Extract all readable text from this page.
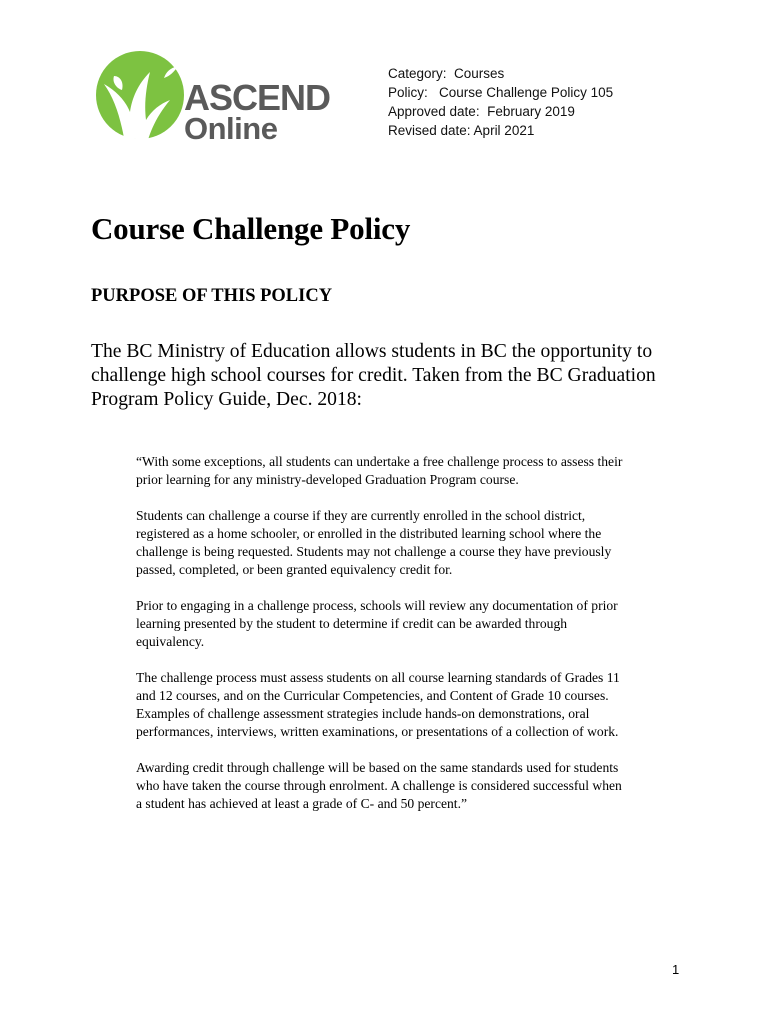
ASCEND
Online
Category:  Courses
Policy:   Course Challenge Policy 105
Approved date:  February 2019
Revised date: April 2021
Course Challenge Policy
PURPOSE OF THIS POLICY

The BC Ministry of Education allows students in BC the opportunity to
challenge high school courses for credit. Taken from the BC Graduation
Program Policy Guide, Dec. 2018:

“With some exceptions, all students can undertake a free challenge process to assess their
prior learning for any ministry-developed Graduation Program course.

Students can challenge a course if they are currently enrolled in the school district,
registered as a home schooler, or enrolled in the distributed learning school where the
challenge is being requested. Students may not challenge a course they have previously
passed, completed, or been granted equivalency credit for.

Prior to engaging in a challenge process, schools will review any documentation of prior
learning presented by the student to determine if credit can be awarded through
equivalency.

The challenge process must assess students on all course learning standards of Grades 11
and 12 courses, and on the Curricular Competencies, and Content of Grade 10 courses.
Examples of challenge assessment strategies include hands-on demonstrations, oral
performances, interviews, written examinations, or presentations of a collection of work.

Awarding credit through challenge will be based on the same standards used for students
who have taken the course through enrolment. A challenge is considered successful when
a student has achieved at least a grade of C- and 50 percent.”

1
